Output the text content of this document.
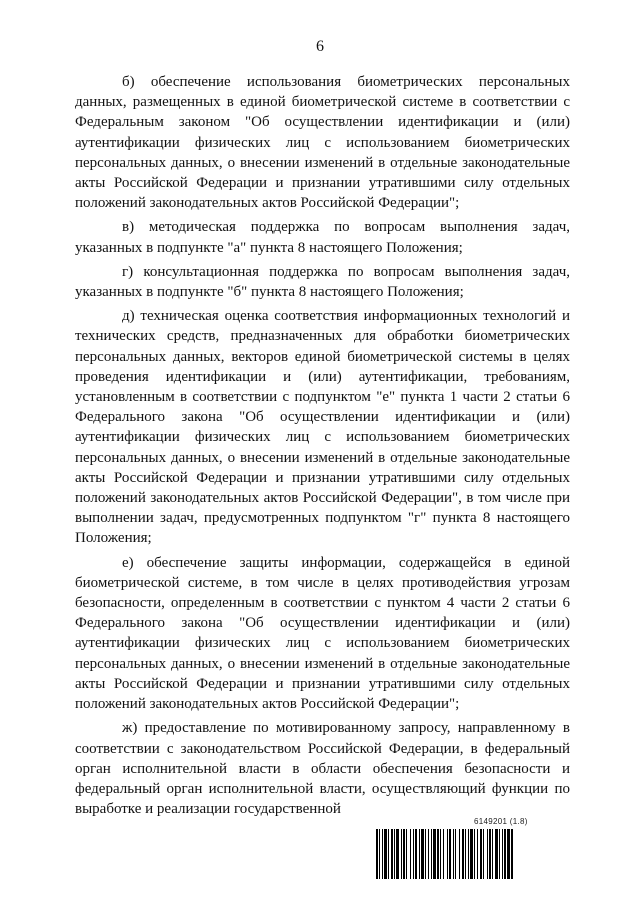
6

б) обеспечение использования биометрических персональных данных, размещенных в единой биометрической системе в соответствии с Федеральным законом "Об осуществлении идентификации и (или) аутентификации физических лиц с использованием биометрических персональных данных, о внесении изменений в отдельные законодательные акты Российской Федерации и признании утратившими силу отдельных положений законодательных актов Российской Федерации";

в) методическая поддержка по вопросам выполнения задач, указанных в подпункте "а" пункта 8 настоящего Положения;

г) консультационная поддержка по вопросам выполнения задач, указанных в подпункте "б" пункта 8 настоящего Положения;

д) техническая оценка соответствия информационных технологий и технических средств, предназначенных для обработки биометрических персональных данных, векторов единой биометрической системы в целях проведения идентификации и (или) аутентификации, требованиям, установленным в соответствии с подпунктом "е" пункта 1 части 2 статьи 6 Федерального закона "Об осуществлении идентификации и (или) аутентификации физических лиц с использованием биометрических персональных данных, о внесении изменений в отдельные законодательные акты Российской Федерации и признании утратившими силу отдельных положений законодательных актов Российской Федерации", в том числе при выполнении задач, предусмотренных подпунктом "г" пункта 8 настоящего Положения;

е) обеспечение защиты информации, содержащейся в единой биометрической системе, в том числе в целях противодействия угрозам безопасности, определенным в соответствии с пунктом 4 части 2 статьи 6 Федерального закона "Об осуществлении идентификации и (или) аутентификации физических лиц с использованием биометрических персональных данных, о внесении изменений в отдельные законодательные акты Российской Федерации и признании утратившими силу отдельных положений законодательных актов Российской Федерации";

ж) предоставление по мотивированному запросу, направленному в соответствии с законодательством Российской Федерации, в федеральный орган исполнительной власти в области обеспечения безопасности и федеральный орган исполнительной власти, осуществляющий функции по выработке и реализации государственной

6149201 (1.8)
